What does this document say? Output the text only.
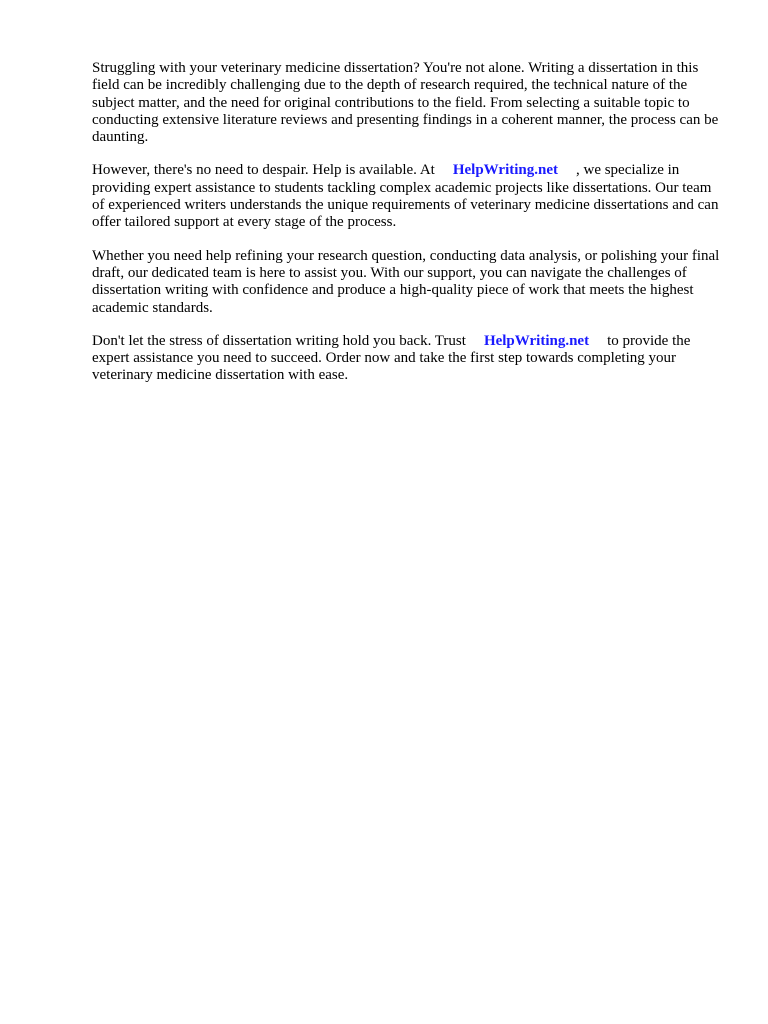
Struggling with your veterinary medicine dissertation? You're not alone. Writing a dissertation in this field can be incredibly challenging due to the depth of research required, the technical nature of the subject matter, and the need for original contributions to the field. From selecting a suitable topic to conducting extensive literature reviews and presenting findings in a coherent manner, the process can be daunting.

However, there's no need to despair. Help is available. At HelpWriting.net , we specialize in providing expert assistance to students tackling complex academic projects like dissertations. Our team of experienced writers understands the unique requirements of veterinary medicine dissertations and can offer tailored support at every stage of the process.

Whether you need help refining your research question, conducting data analysis, or polishing your final draft, our dedicated team is here to assist you. With our support, you can navigate the challenges of dissertation writing with confidence and produce a high-quality piece of work that meets the highest academic standards.

Don't let the stress of dissertation writing hold you back. Trust HelpWriting.net to provide the expert assistance you need to succeed. Order now and take the first step towards completing your veterinary medicine dissertation with ease.
